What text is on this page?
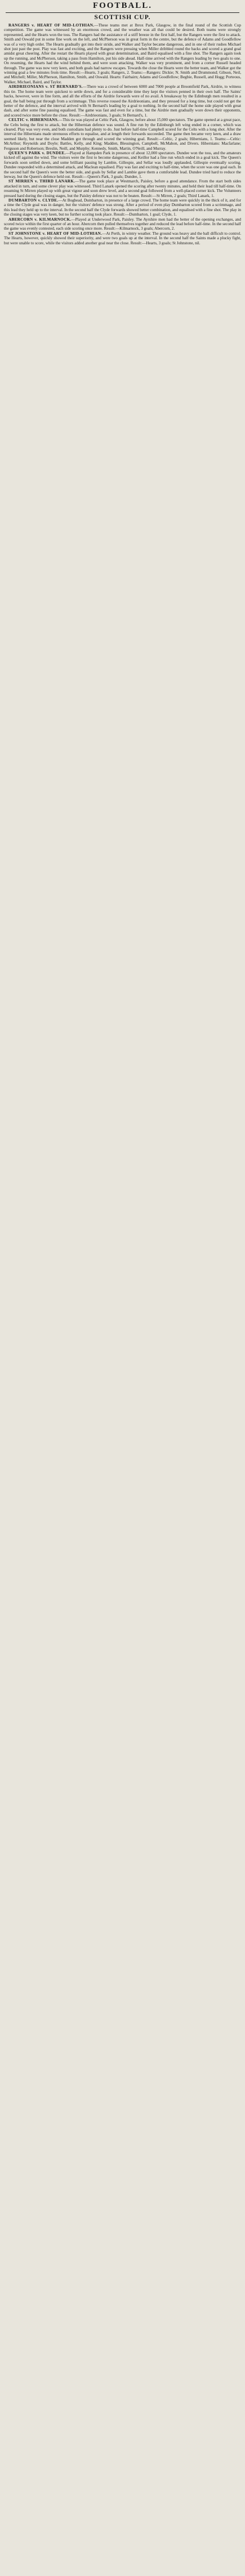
FOOTBALL.
SCOTTISH CUP.

RANGERS v. HEART OF MID-LOTHIAN.—These teams met at Ibrox Park, Glasgow, in the final round of the Scottish Cup competition. The game was witnessed by an enormous crowd, and the weather was all that could be desired. Both teams were strongly represented, and the Hearts won the toss. The Rangers had the assistance of a stiff breeze in the first half, but the Rangers were the first to attack. Smith and Oswald put in some fine work on the left, and McPherson was in great form in the centre, but the defence of Adams and Goodfellow was of a very high order. The Hearts gradually got into their stride, and Walker and Taylor became dangerous, and in one of their rushes Michael shot just past the post. Play was fast and exciting, and the Rangers were pressing when Miller dribbled round the backs and scored a grand goal amidst great cheering. After the restart the Hearts played with great determination, and Baird equalised with a fine shot. The Rangers again took up the running, and McPherson, taking a pass from Hamilton, put his side ahead. Half-time arrived with the Rangers leading by two goals to one. On resuming, the Hearts had the wind behind them, and were soon attacking. Walker was very prominent, and from a corner Russell headed through. The game was now very keen, and both goals had narrow escapes. Towards the close the Hearts were the better team, and Walker got the winning goal a few minutes from time. Result:—Hearts, 3 goals; Rangers, 2. Teams:—Rangers: Dickie; N. Smith and Drummond; Gibson, Neil, and Mitchell; Miller, McPherson, Hamilton, Smith, and Oswald. Hearts: Fairbairn; Adams and Goodfellow; Begbie, Russell, and Hogg; Porteous, Walker, Michael, Baird, and Taylor.

AIRDRIEONIANS v. ST BERNARD'S.—There was a crowd of between 6000 and 7000 people at Broomfield Park, Airdrie, to witness this tie. The home team were quickest to settle down, and for a considerable time they kept the visitors penned in their own half. The Saints' backs, however, were in fine form, and all the efforts of the Airdrie forwards were of no avail. A breakaway by the Edinburgh men resulted in a goal, the ball being put through from a scrimmage. This reverse roused the Airdrieonians, and they pressed for a long time, but could not get the better of the defence, and the interval arrived with St Bernard's leading by a goal to nothing. In the second half the home side played with great dash, and after some fine passing equalised. The game was fast and even for a time, but the Airdrie men gradually wore down their opponents, and scored twice more before the close. Result:—Airdrieonians, 3 goals; St Bernard's, 1.

CELTIC v. HIBERNIANS.—This tie was played at Celtic Park, Glasgow, before about 15,000 spectators. The game opened at a great pace, the Celts being the first to attack, but the Hibernian defence was sound. A fine run by the Edinburgh left wing ended in a corner, which was cleared. Play was very even, and both custodians had plenty to do. Just before half-time Campbell scored for the Celts with a long shot. After the interval the Hibernians made strenuous efforts to equalise, and at length their forwards succeeded. The game then became very keen, and a draw seemed likely, but near the close Madden got through and scored the winning goal. Result:—Celtic, 2 goals; Hibernians, 1. Teams:—Celtic: McArthur; Reynolds and Doyle; Battles, Kelly, and King; Madden, Blessington, Campbell, McMahon, and Divers. Hibernians: Macfarlane; Ferguson and Robertson; Breslin, Neill, and Murphy; Kennedy, Smith, Martin, O'Neill, and Murray.

QUEEN'S PARK v. DUNDEE.—Played at Hampden Park in presence of about 12,000 spectators. Dundee won the toss, and the amateurs kicked off against the wind. The visitors were the first to become dangerous, and Keillor had a fine run which ended in a goal kick. The Queen's forwards soon settled down, and some brilliant passing by Lambie, Gillespie, and Sellar was loudly applauded, Gillespie eventually scoring. Dundee responded with a determined attack, and Maclean equalised. Play was fast and exciting to half-time, when the score was one goal each. In the second half the Queen's were the better side, and goals by Sellar and Lambie gave them a comfortable lead. Dundee tried hard to reduce the leeway, but the Queen's defence held out. Result:—Queen's Park, 3 goals; Dundee, 1.

ST MIRREN v. THIRD LANARK.—The game took place at Westmarch, Paisley, before a good attendance. From the start both sides attacked in turn, and some clever play was witnessed. Third Lanark opened the scoring after twenty minutes, and held their lead till half-time. On resuming St Mirren played up with great vigour and soon drew level, and a second goal followed from a well-placed corner kick. The Volunteers pressed hard during the closing stages, but the Paisley defence was not to be beaten. Result:—St Mirren, 2 goals; Third Lanark, 1.

DUMBARTON v. CLYDE.—At Boghead, Dumbarton, in presence of a large crowd. The home team were quickly in the thick of it, and for a time the Clyde goal was in danger, but the visitors' defence was strong. After a period of even play Dumbarton scored from a scrimmage, and this lead they held up to the interval. In the second half the Clyde forwards showed better combination, and equalised with a fine shot. The play in the closing stages was very keen, but no further scoring took place. Result:—Dumbarton, 1 goal; Clyde, 1.

ABERCORN v. KILMARNOCK.—Played at Underwood Park, Paisley. The Ayrshire men had the better of the opening exchanges, and scored twice within the first quarter of an hour. Abercorn then pulled themselves together and reduced the lead before half-time. In the second half the game was evenly contested, each side scoring once more. Result:—Kilmarnock, 3 goals; Abercorn, 2.

ST JOHNSTONE v. HEART OF MID-LOTHIAN.—At Perth, in wintry weather. The ground was heavy and the ball difficult to control. The Hearts, however, quickly showed their superiority, and were two goals up at the interval. In the second half the Saints made a plucky fight, but were unable to score, while the visitors added another goal near the close. Result:—Hearts, 3 goals; St Johnstone, nil.
